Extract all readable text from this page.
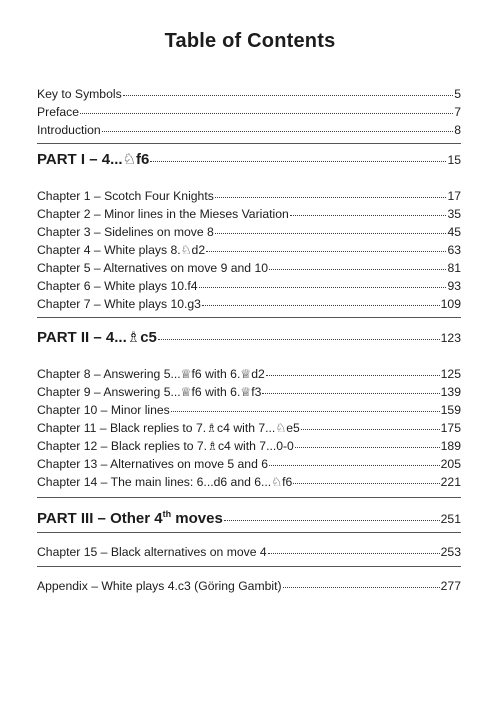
Table of Contents
Key to Symbols	5
Preface	7
Introduction	8
PART I – 4...♘f6	15
Chapter 1 – Scotch Four Knights	17
Chapter 2 – Minor lines in the Mieses Variation	35
Chapter 3 – Sidelines on move 8	45
Chapter 4 – White plays 8.♘d2	63
Chapter 5 – Alternatives on move 9 and 10	81
Chapter 6 – White plays 10.f4	93
Chapter 7 – White plays 10.g3	109
PART II – 4...♗c5	123
Chapter 8 – Answering 5...♕f6 with 6.♕d2	125
Chapter 9 – Answering 5...♕f6 with 6.♕f3	139
Chapter 10 – Minor lines	159
Chapter 11 – Black replies to 7.♗c4 with 7...♘e5	175
Chapter 12 – Black replies to 7.♗c4 with 7...0-0	189
Chapter 13 – Alternatives on move 5 and 6	205
Chapter 14 – The main lines: 6...d6 and 6...♘f6	221
PART III – Other 4th moves	251
Chapter 15 – Black alternatives on move 4	253
Appendix – White plays 4.c3 (Göring Gambit)	277
